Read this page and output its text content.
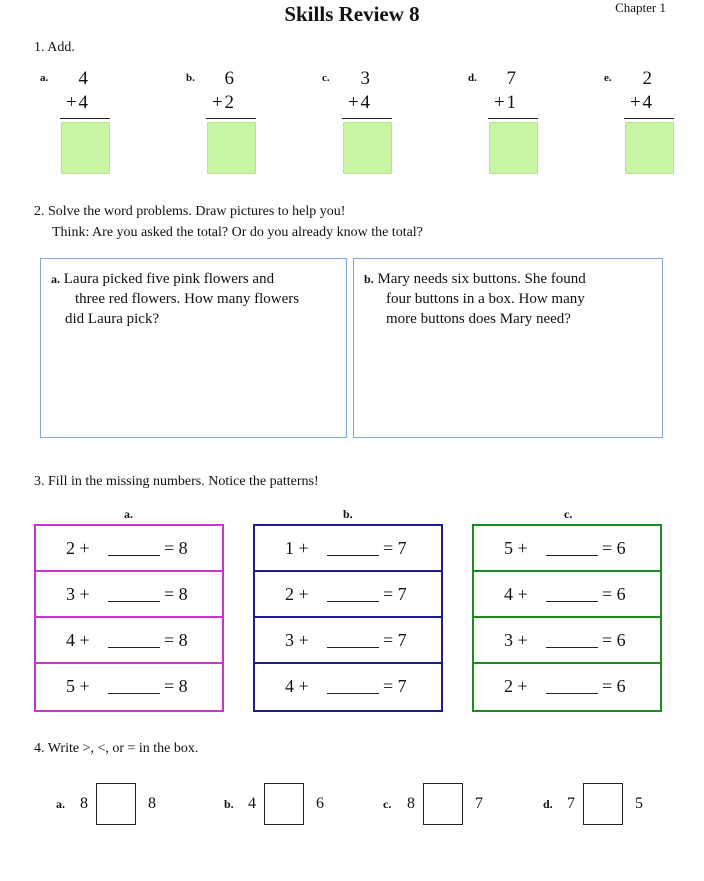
Skills Review 8	Chapter 1
1. Add.
a. 4
+ 4
b. 6
+ 2
c. 3
+ 4
d. 7
+ 1
e. 2
+ 4
2. Solve the word problems. Draw pictures to help you!
Think: Are you asked the total? Or do you already know the total?
a. Laura picked five pink flowers and
three red flowers. How many flowers
did Laura pick?
b. Mary needs six buttons. She found
four buttons in a box. How many
more buttons does Mary need?
3. Fill in the missing numbers. Notice the patterns!
a.	b.	c.
2 +	= 8
3 +	= 8
4 +	= 8
5 +	= 8
1 +	= 7
2 +	= 7
3 +	= 7
4 +	= 7
5 +	= 6
4 +	= 6
3 +	= 6
2 +	= 6
4. Write >, <, or = in the box.
a. 8	8	b. 4	6	c. 8	7	d. 7	5
